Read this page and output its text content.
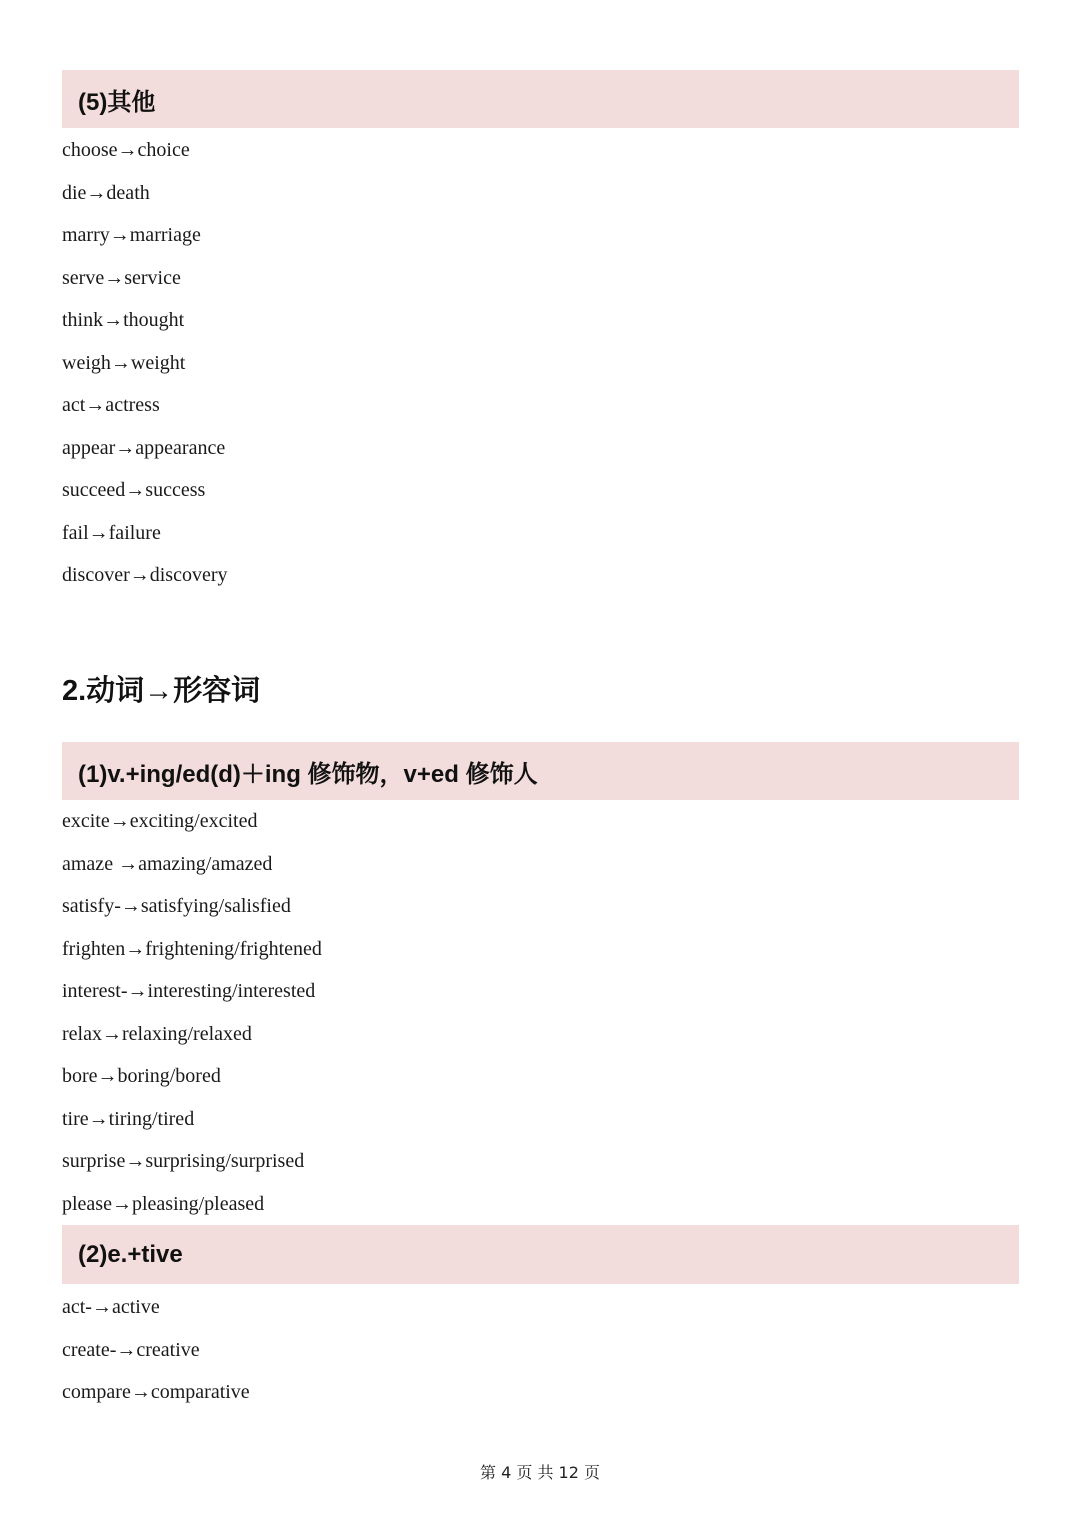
(5)其他
choose→choice
die→death
marry→marriage
serve→service
think→thought
weigh→weight
act→actress
appear→appearance
succeed→success
fail→failure
discover→discovery
2.动词→形容词
(1)v.+ing/ed(d)＋ing 修饰物，v+ed 修饰人
excite→exciting/excited
amaze →amazing/amazed
satisfy-→satisfying/salisfied
frighten→frightening/frightened
interest-→interesting/interested
relax→relaxing/relaxed
bore→boring/bored
tire→tiring/tired
surprise→surprising/surprised
please→pleasing/pleased
(2)e.+tive
act-→active
create-→creative
compare→comparative
第 4 页 共 12 页
